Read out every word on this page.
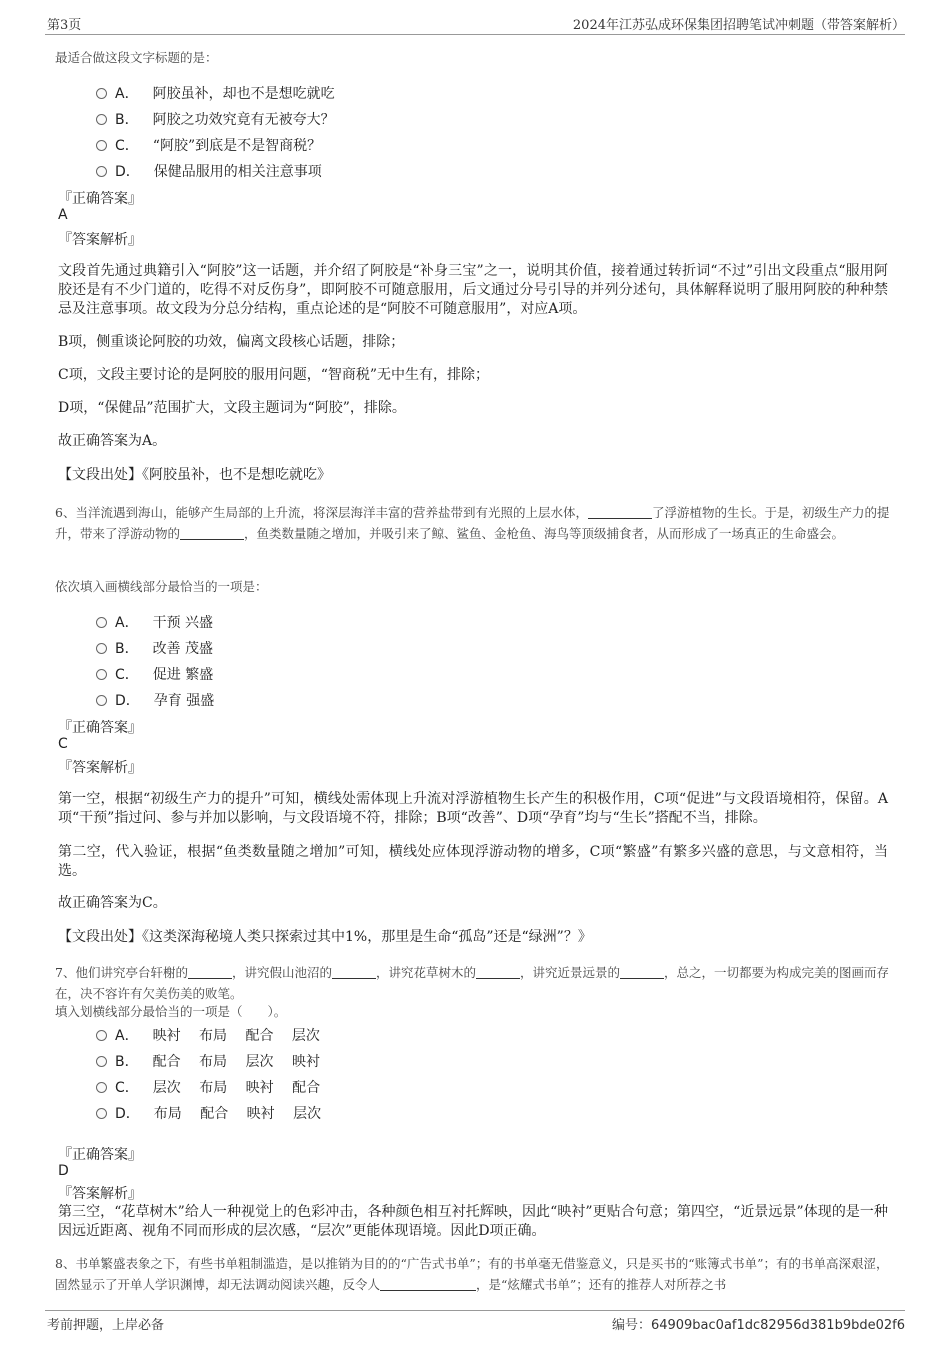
第3页	2024年江苏弘成环保集团招聘笔试冲刺题（带答案解析）
最适合做这段文字标题的是：
A． 阿胶虽补，却也不是想吃就吃
B． 阿胶之功效究竟有无被夸大？
C． “阿胶”到底是不是智商税？
D． 保健品服用的相关注意事项
『正确答案』
A
『答案解析』
文段首先通过典籍引入“阿胶”这一话题，并介绍了阿胶是“补身三宝”之一，说明其价值，接着通过转折词“不过”引出文段重点“服用阿胶还是有不少门道的，吃得不对反伤身”，即阿胶不可随意服用，后文通过分号引导的并列分述句，具体解释说明了服用阿胶的种种禁忌及注意事项。故文段为分总分结构，重点论述的是“阿胶不可随意服用”，对应A项。
B项，侧重谈论阿胶的功效，偏离文段核心话题，排除；
C项，文段主要讨论的是阿胶的服用问题，“智商税”无中生有，排除；
D项，“保健品”范围扩大，文段主题词为“阿胶”，排除。
故正确答案为A。
【文段出处】《阿胶虽补，也不是想吃就吃》
6、当洋流遇到海山，能够产生局部的上升流，将深层海洋丰富的营养盐带到有光照的上层水体，	了浮游植物的生长。于是，初级生产力的提升，带来了浮游动物的	，鱼类数量随之增加，并吸引来了鲸、鲨鱼、金枪鱼、海鸟等顶级捕食者，从而形成了一场真正的生命盛会。
依次填入画横线部分最恰当的一项是：
A． 干预 兴盛
B． 改善 茂盛
C． 促进 繁盛
D． 孕育 强盛
『正确答案』
C
『答案解析』
第一空，根据“初级生产力的提升”可知，横线处需体现上升流对浮游植物生长产生的积极作用，C项“促进”与文段语境相符，保留。A项“干预”指过问、参与并加以影响，与文段语境不符，排除；B项“改善”、D项“孕育”均与“生长”搭配不当，排除。
第二空，代入验证，根据“鱼类数量随之增加”可知，横线处应体现浮游动物的增多，C项“繁盛”有繁多兴盛的意思，与文意相符，当选。
故正确答案为C。
【文段出处】《这类深海秘境人类只探索过其中1%，那里是生命“孤岛”还是“绿洲”？》
7、他们讲究亭台轩榭的	，讲究假山池沼的	，讲究花草树木的	，讲究近景远景的	，总之，一切都要为构成完美的图画而存在，决不容许有欠美伤美的败笔。
填入划横线部分最恰当的一项是（　　）。
A． 映衬　 布局　 配合　 层次
B． 配合　 布局　 层次　 映衬
C． 层次　 布局　 映衬　 配合
D． 布局　 配合　 映衬　 层次
『正确答案』
D
『答案解析』
第三空，“花草树木”给人一种视觉上的色彩冲击，各种颜色相互衬托辉映，因此“映衬”更贴合句意；第四空，“近景远景”体现的是一种因远近距离、视角不同而形成的层次感，“层次”更能体现语境。因此D项正确。
8、书单繁盛表象之下，有些书单粗制滥造，是以推销为目的的“广告式书单”；有的书单毫无借鉴意义，只是买书的“账簿式书单”；有的书单高深艰涩，固然显示了开单人学识渊博，却无法调动阅读兴趣，反令人	，是“炫耀式书单”；还有的推荐人对所荐之书
考前押题，上岸必备	编号：64909bac0af1dc82956d381b9bde02f6
